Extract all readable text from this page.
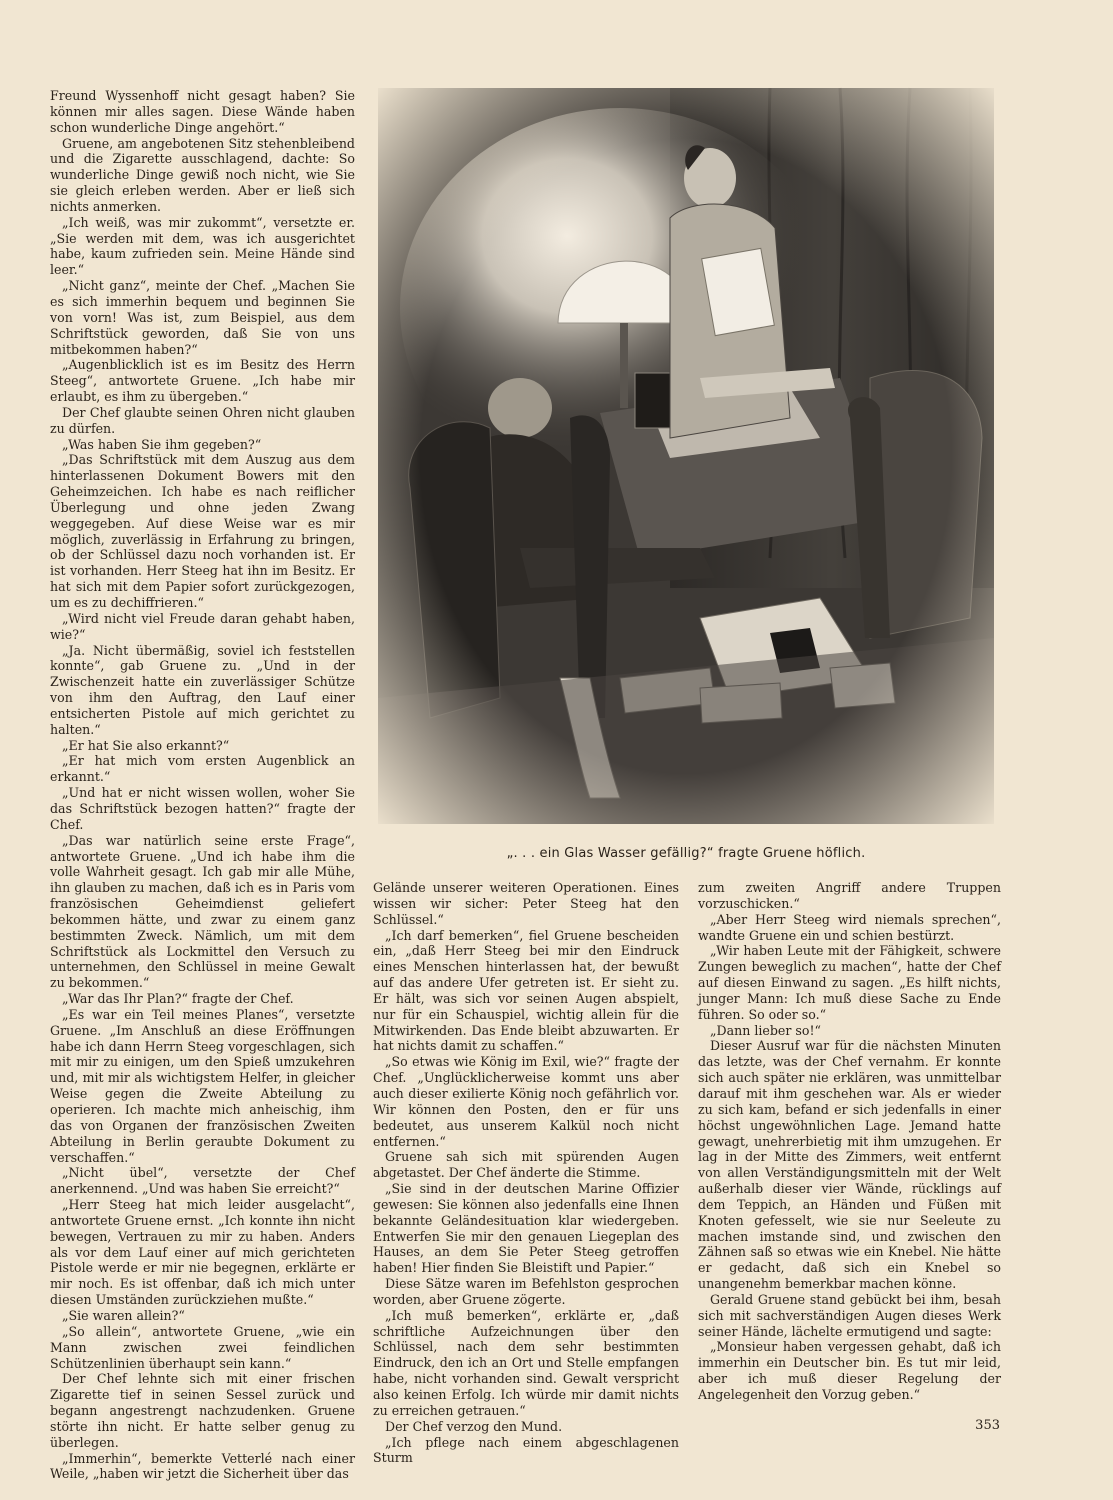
Freund Wyssenhoff nicht gesagt haben? Sie können mir alles sagen. Diese Wände haben schon wunderliche Dinge angehört.“

Gruene, am angebotenen Sitz stehenbleibend und die Zigarette ausschlagend, dachte: So wunderliche Dinge gewiß noch nicht, wie Sie sie gleich erleben werden. Aber er ließ sich nichts anmerken.

„Ich weiß, was mir zukommt“, versetzte er. „Sie werden mit dem, was ich ausgerichtet habe, kaum zufrieden sein. Meine Hände sind leer.“

„Nicht ganz“, meinte der Chef. „Machen Sie es sich immerhin bequem und beginnen Sie von vorn! Was ist, zum Beispiel, aus dem Schriftstück geworden, daß Sie von uns mitbekommen haben?“

„Augenblicklich ist es im Besitz des Herrn Steeg“, antwortete Gruene. „Ich habe mir erlaubt, es ihm zu übergeben.“

Der Chef glaubte seinen Ohren nicht glauben zu dürfen.

„Was haben Sie ihm gegeben?“

„Das Schriftstück mit dem Auszug aus dem hinterlassenen Dokument Bowers mit den Geheimzeichen. Ich habe es nach reiflicher Überlegung und ohne jeden Zwang weggegeben. Auf diese Weise war es mir möglich, zuverlässig in Erfahrung zu bringen, ob der Schlüssel dazu noch vorhanden ist. Er ist vorhanden. Herr Steeg hat ihn im Besitz. Er hat sich mit dem Papier sofort zurückgezogen, um es zu dechiffrieren.“

„Wird nicht viel Freude daran gehabt haben, wie?“

„Ja. Nicht übermäßig, soviel ich feststellen konnte“, gab Gruene zu. „Und in der Zwischenzeit hatte ein zuverlässiger Schütze von ihm den Auftrag, den Lauf einer entsicherten Pistole auf mich gerichtet zu halten.“

„Er hat Sie also erkannt?“

„Er hat mich vom ersten Augenblick an erkannt.“

„Und hat er nicht wissen wollen, woher Sie das Schriftstück bezogen hatten?“ fragte der Chef.

„Das war natürlich seine erste Frage“, antwortete Gruene. „Und ich habe ihm die volle Wahrheit gesagt. Ich gab mir alle Mühe, ihn glauben zu machen, daß ich es in Paris vom französischen Geheimdienst geliefert bekommen hätte, und zwar zu einem ganz bestimmten Zweck. Nämlich, um mit dem Schriftstück als Lockmittel den Versuch zu unternehmen, den Schlüssel in meine Gewalt zu bekommen.“

„War das Ihr Plan?“ fragte der Chef.

„Es war ein Teil meines Planes“, versetzte Gruene. „Im Anschluß an diese Eröffnungen habe ich dann Herrn Steeg vorgeschlagen, sich mit mir zu einigen, um den Spieß umzukehren und, mit mir als wichtigstem Helfer, in gleicher Weise gegen die Zweite Abteilung zu operieren. Ich machte mich anheischig, ihm das von Organen der französischen Zweiten Abteilung in Berlin geraubte Dokument zu verschaffen.“

„Nicht übel“, versetzte der Chef anerkennend. „Und was haben Sie erreicht?“

„Herr Steeg hat mich leider ausgelacht“, antwortete Gruene ernst. „Ich konnte ihn nicht bewegen, Vertrauen zu mir zu haben. Anders als vor dem Lauf einer auf mich gerichteten Pistole werde er mir nie begegnen, erklärte er mir noch. Es ist offenbar, daß ich mich unter diesen Umständen zurückziehen mußte.“

„Sie waren allein?“

„So allein“, antwortete Gruene, „wie ein Mann zwischen zwei feindlichen Schützenlinien überhaupt sein kann.“

Der Chef lehnte sich mit einer frischen Zigarette tief in seinen Sessel zurück und begann angestrengt nachzudenken. Gruene störte ihn nicht. Er hatte selber genug zu überlegen.

„Immerhin“, bemerkte Vetterlé nach einer Weile, „haben wir jetzt die Sicherheit über das

„. . . ein Glas Wasser gefällig?“ fragte Gruene höflich.

Gelände unserer weiteren Operationen. Eines wissen wir sicher: Peter Steeg hat den Schlüssel.“

„Ich darf bemerken“, fiel Gruene bescheiden ein, „daß Herr Steeg bei mir den Eindruck eines Menschen hinterlassen hat, der bewußt auf das andere Ufer getreten ist. Er sieht zu. Er hält, was sich vor seinen Augen abspielt, nur für ein Schauspiel, wichtig allein für die Mitwirkenden. Das Ende bleibt abzuwarten. Er hat nichts damit zu schaffen.“

„So etwas wie König im Exil, wie?“ fragte der Chef. „Unglücklicherweise kommt uns aber auch dieser exilierte König noch gefährlich vor. Wir können den Posten, den er für uns bedeutet, aus unserem Kalkül noch nicht entfernen.“

Gruene sah sich mit spürenden Augen abgetastet. Der Chef änderte die Stimme.

„Sie sind in der deutschen Marine Offizier gewesen: Sie können also jedenfalls eine Ihnen bekannte Geländesituation klar wiedergeben. Entwerfen Sie mir den genauen Liegeplan des Hauses, an dem Sie Peter Steeg getroffen haben! Hier finden Sie Bleistift und Papier.“

Diese Sätze waren im Befehlston gesprochen worden, aber Gruene zögerte.

„Ich muß bemerken“, erklärte er, „daß schriftliche Aufzeichnungen über den Schlüssel, nach dem sehr bestimmten Eindruck, den ich an Ort und Stelle empfangen habe, nicht vorhanden sind. Gewalt verspricht also keinen Erfolg. Ich würde mir damit nichts zu erreichen getrauen.“

Der Chef verzog den Mund.

„Ich pflege nach einem abgeschlagenen Sturm

zum zweiten Angriff andere Truppen vorzuschicken.“

„Aber Herr Steeg wird niemals sprechen“, wandte Gruene ein und schien bestürzt.

„Wir haben Leute mit der Fähigkeit, schwere Zungen beweglich zu machen“, hatte der Chef auf diesen Einwand zu sagen. „Es hilft nichts, junger Mann: Ich muß diese Sache zu Ende führen. So oder so.“

„Dann lieber so!“

Dieser Ausruf war für die nächsten Minuten das letzte, was der Chef vernahm. Er konnte sich auch später nie erklären, was unmittelbar darauf mit ihm geschehen war. Als er wieder zu sich kam, befand er sich jedenfalls in einer höchst ungewöhnlichen Lage. Jemand hatte gewagt, unehrerbietig mit ihm umzugehen. Er lag in der Mitte des Zimmers, weit entfernt von allen Verständigungsmitteln mit der Welt außerhalb dieser vier Wände, rücklings auf dem Teppich, an Händen und Füßen mit Knoten gefesselt, wie sie nur Seeleute zu machen imstande sind, und zwischen den Zähnen saß so etwas wie ein Knebel. Nie hätte er gedacht, daß sich ein Knebel so unangenehm bemerkbar machen könne.

Gerald Gruene stand gebückt bei ihm, besah sich mit sachverständigen Augen dieses Werk seiner Hände, lächelte ermutigend und sagte:

„Monsieur haben vergessen gehabt, daß ich immerhin ein Deutscher bin. Es tut mir leid, aber ich muß dieser Regelung der Angelegenheit den Vorzug geben.“

353
